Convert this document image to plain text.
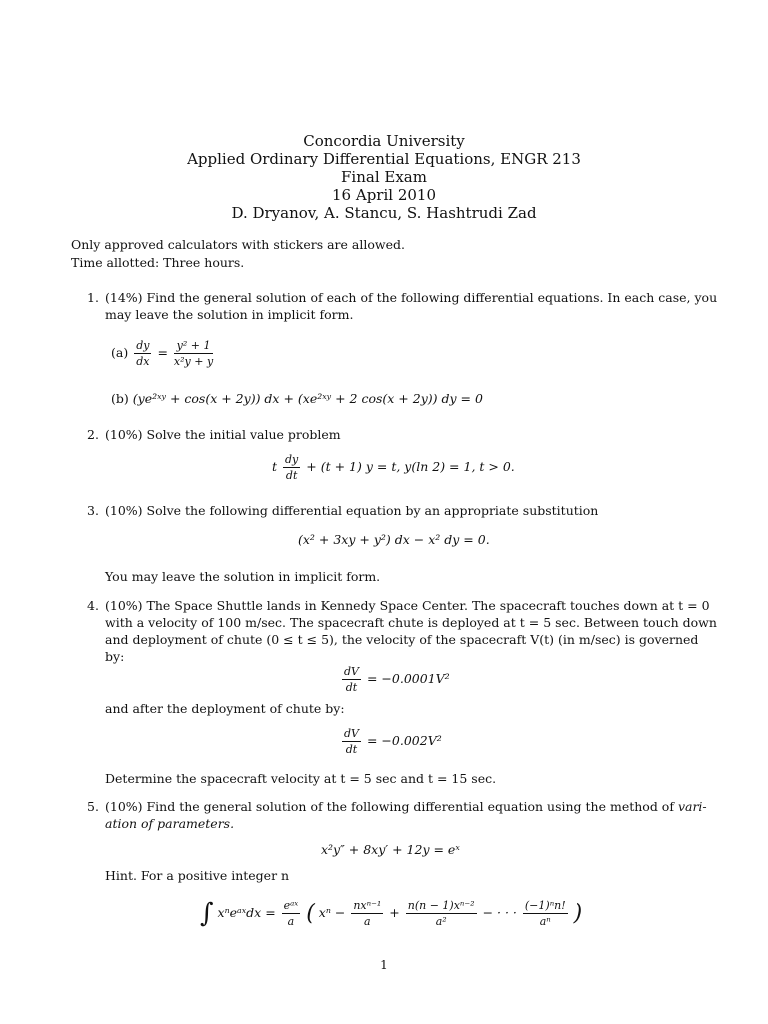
Concordia University
Applied Ordinary Differential Equations, ENGR 213
Final Exam
16 April 2010
D. Dryanov, A. Stancu, S. Hashtrudi Zad
Only approved calculators with stickers are allowed.
Time allotted: Three hours.
1. (14%) Find the general solution of each of the following differential equations. In each case, you
may leave the solution in implicit form.
$(a) \frac{dy}{dx} = \frac{\text{y² + 1}}{\text{x²y + y}}$
(b) (ye²ˣʸ + cos(x + 2y)) dx + (xe²ˣʸ + 2 cos(x + 2y)) dy = 0
2. (10%) Solve the initial value problem
t $\frac{dy}{dt} + (t + 1) y = t$, y(ln 2) = 1, t > 0.
3. (10%) Solve the following differential equation by an appropriate substitution
(x² + 3xy + y²) dx − x² dy = 0.
You may leave the solution in implicit form.
4. (10%) The Space Shuttle lands in Kennedy Space Center. The spacecraft touches down at t = 0
with a velocity of 100 m/sec. The spacecraft chute is deployed at t = 5 sec. Between touch down
and deployment of chute (0 ≤ t ≤ 5), the velocity of the spacecraft V(t) (in m/sec) is governed
by:
$\frac{dV}{dt} = -0.0001V^2$
and after the deployment of chute by:
$\frac{dV}{dt} = -0.002V^2$
Determine the spacecraft velocity at t = 5 sec and t = 15 sec.
5. (10%) Find the general solution of the following differential equation using the method of vari-
ation of parameters.
x²y″ + 8xy′ + 12y = eˣ
Hint. For a positive integer n
∫ xⁿeᵃˣdx = $\frac{\text{eᵃˣ}}{a}$ ( $x^n - \frac{\text{nxⁿ⁻¹}}{a} + \frac{\text{n(n − 1)xⁿ⁻²}}{\text{a²}}$ − · · · $\frac{\text{(−1)ⁿn!}}{\text{aⁿ}}$ )
1
